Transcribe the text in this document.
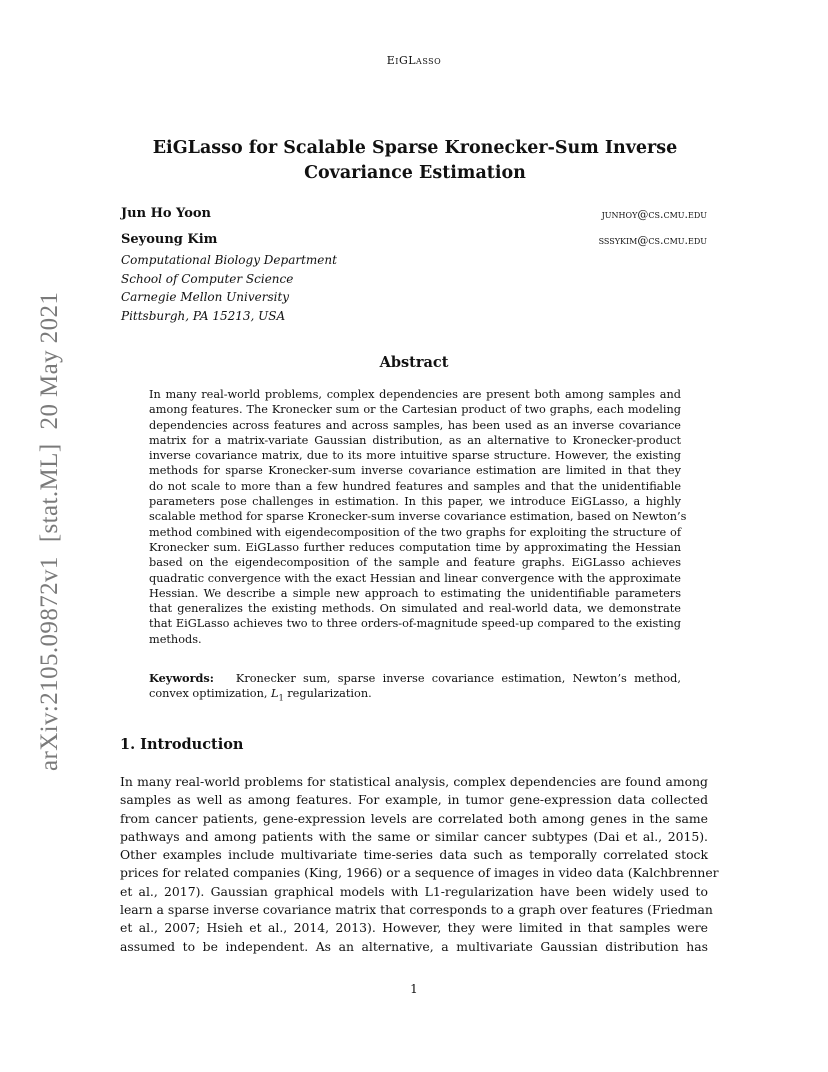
EiGLasso
EiGLasso for Scalable Sparse Kronecker-Sum Inverse
Covariance Estimation
Jun Ho Yoon	junhoy@cs.cmu.edu
Seyoung Kim	sssykim@cs.cmu.edu
Computational Biology Department
School of Computer Science
Carnegie Mellon University
Pittsburgh, PA 15213, USA
Abstract
In many real-world problems, complex dependencies are present both among samples and
among features. The Kronecker sum or the Cartesian product of two graphs, each modeling
dependencies across features and across samples, has been used as an inverse covariance
matrix for a matrix-variate Gaussian distribution, as an alternative to Kronecker-product
inverse covariance matrix, due to its more intuitive sparse structure. However, the existing
methods for sparse Kronecker-sum inverse covariance estimation are limited in that they
do not scale to more than a few hundred features and samples and that the unidentifiable
parameters pose challenges in estimation. In this paper, we introduce EiGLasso, a highly
scalable method for sparse Kronecker-sum inverse covariance estimation, based on Newton’s
method combined with eigendecomposition of the two graphs for exploiting the structure of
Kronecker sum. EiGLasso further reduces computation time by approximating the Hessian
based on the eigendecomposition of the sample and feature graphs. EiGLasso achieves
quadratic convergence with the exact Hessian and linear convergence with the approximate
Hessian. We describe a simple new approach to estimating the unidentifiable parameters
that generalizes the existing methods. On simulated and real-world data, we demonstrate
that EiGLasso achieves two to three orders-of-magnitude speed-up compared to the existing
methods.
Keywords: Kronecker sum, sparse inverse covariance estimation, Newton’s method,
convex optimization, $L_1$ regularization.
1. Introduction
In many real-world problems for statistical analysis, complex dependencies are found among
samples as well as among features. For example, in tumor gene-expression data collected
from cancer patients, gene-expression levels are correlated both among genes in the same
pathways and among patients with the same or similar cancer subtypes (Dai et al., 2015).
Other examples include multivariate time-series data such as temporally correlated stock
prices for related companies (King, 1966) or a sequence of images in video data (Kalchbrenner
et al., 2017). Gaussian graphical models with L1-regularization have been widely used to
learn a sparse inverse covariance matrix that corresponds to a graph over features (Friedman
et al., 2007; Hsieh et al., 2014, 2013). However, they were limited in that samples were
assumed to be independent. As an alternative, a multivariate Gaussian distribution has
1
arXiv:2105.09872v1[stat.ML]20 May 2021
